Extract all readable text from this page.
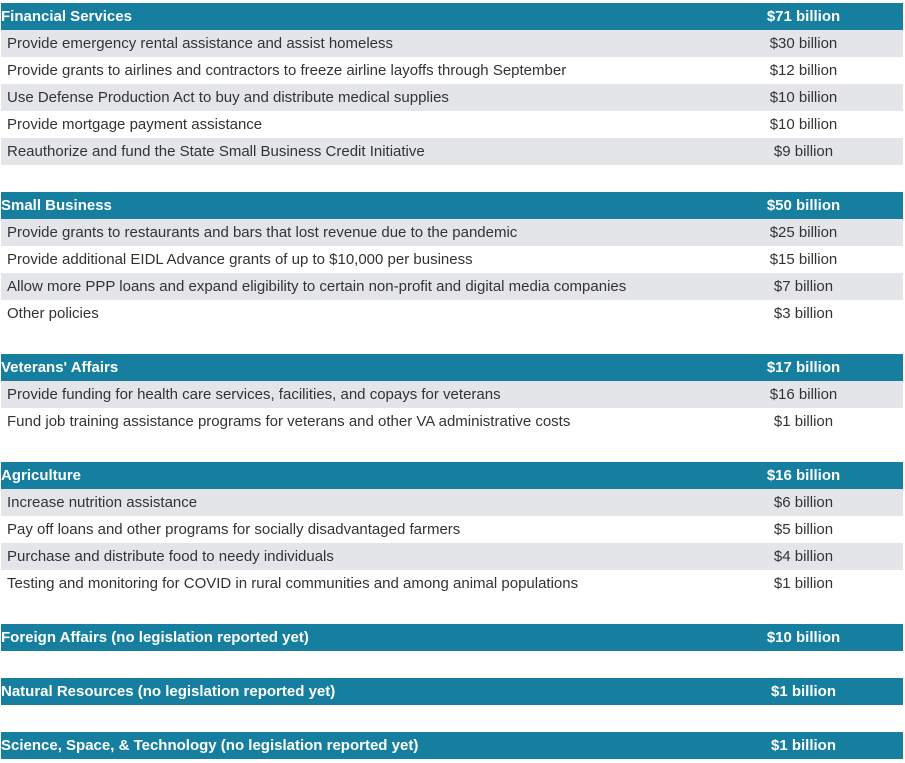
Financial Services	$71 billion
Provide emergency rental assistance and assist homeless	$30 billion
Provide grants to airlines and contractors to freeze airline layoffs through September	$12 billion
Use Defense Production Act to buy and distribute medical supplies	$10 billion
Provide mortgage payment assistance	$10 billion
Reauthorize and fund the State Small Business Credit Initiative	$9 billion
Small Business	$50 billion
Provide grants to restaurants and bars that lost revenue due to the pandemic	$25 billion
Provide additional EIDL Advance grants of up to $10,000 per business	$15 billion
Allow more PPP loans and expand eligibility to certain non-profit and digital media companies	$7 billion
Other policies	$3 billion
Veterans' Affairs	$17 billion
Provide funding for health care services, facilities, and copays for veterans	$16 billion
Fund job training assistance programs for veterans and other VA administrative costs	$1 billion
Agriculture	$16 billion
Increase nutrition assistance	$6 billion
Pay off loans and other programs for socially disadvantaged farmers	$5 billion
Purchase and distribute food to needy individuals	$4 billion
Testing and monitoring for COVID in rural communities and among animal populations	$1 billion
Foreign Affairs (no legislation reported yet)	$10 billion
Natural Resources (no legislation reported yet)	$1 billion
Science, Space, & Technology (no legislation reported yet)	$1 billion
